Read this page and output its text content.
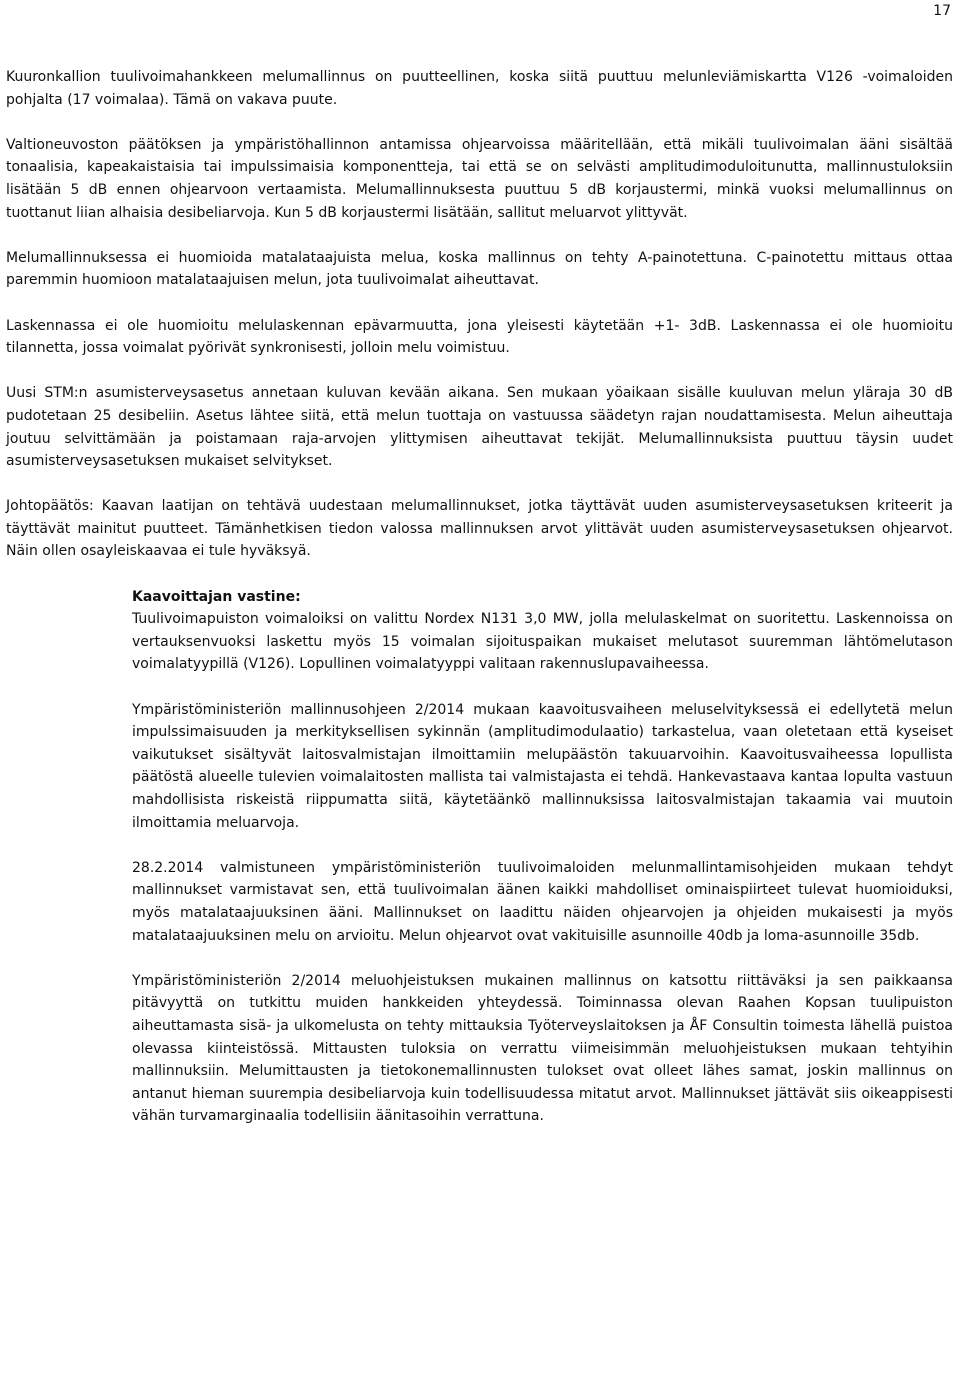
17

Kuuronkallion tuulivoimahankkeen melumallinnus on puutteellinen, koska siitä puuttuu melunleviämiskartta V126 -voimaloiden pohjalta (17 voimalaa). Tämä on vakava puute.

Valtioneuvoston päätöksen ja ympäristöhallinnon antamissa ohjearvoissa määritellään, että mikäli tuulivoimalan ääni sisältää tonaalisia, kapeakaistaisia tai impulssimaisia komponentteja, tai että se on selvästi amplitudimoduloitunutta, mallinnustuloksiin lisätään 5 dB ennen ohjearvoon vertaamista. Melumallinnuksesta puuttuu 5 dB korjaustermi, minkä vuoksi melumallinnus on tuottanut liian alhaisia desibeliarvoja. Kun 5 dB korjaustermi lisätään, sallitut meluarvot ylittyvät.

Melumallinnuksessa ei huomioida matalataajuista melua, koska mallinnus on tehty A-painotettuna. C-painotettu mittaus ottaa paremmin huomioon matalataajuisen melun, jota tuulivoimalat aiheuttavat.

Laskennassa ei ole huomioitu melulaskennan epävarmuutta, jona yleisesti käytetään +1- 3dB. Laskennassa ei ole huomioitu tilannetta, jossa voimalat pyörivät synkronisesti, jolloin melu voimistuu.

Uusi STM:n asumisterveysasetus annetaan kuluvan kevään aikana. Sen mukaan yöaikaan sisälle kuuluvan melun yläraja 30 dB pudotetaan 25 desibeliin. Asetus lähtee siitä, että melun tuottaja on vastuussa säädetyn rajan noudattamisesta. Melun aiheuttaja joutuu selvittämään ja poistamaan raja-arvojen ylittymisen aiheuttavat tekijät. Melumallinnuksista puuttuu täysin uudet asumisterveysasetuksen mukaiset selvitykset.

Johtopäätös: Kaavan laatijan on tehtävä uudestaan melumallinnukset, jotka täyttävät uuden asumisterveysasetuksen kriteerit ja täyttävät mainitut puutteet. Tämänhetkisen tiedon valossa mallinnuksen arvot ylittävät uuden asumisterveysasetuksen ohjearvot. Näin ollen osayleiskaavaa ei tule hyväksyä.

Kaavoittajan vastine:

Tuulivoimapuiston voimaloiksi on valittu Nordex N131 3,0 MW, jolla melulaskelmat on suoritettu. Laskennoissa on vertauksenvuoksi laskettu myös 15 voimalan sijoituspaikan mukaiset melutasot suuremman lähtömelutason voimalatyypillä (V126). Lopullinen voimalatyyppi valitaan rakennuslupavaiheessa.

Ympäristöministeriön mallinnusohjeen 2/2014 mukaan kaavoitusvaiheen meluselvityksessä ei edellytetä melun impulssimaisuuden ja merkityksellisen sykinnän (amplitudimodulaatio) tarkastelua, vaan oletetaan että kyseiset vaikutukset sisältyvät laitosvalmistajan ilmoittamiin melupäästön takuuarvoihin. Kaavoitusvaiheessa lopullista päätöstä alueelle tulevien voimalaitosten mallista tai valmistajasta ei tehdä. Hankevastaava kantaa lopulta vastuun mahdollisista riskeistä riippumatta siitä, käytetäänkö mallinnuksissa laitosvalmistajan takaamia vai muutoin ilmoittamia meluarvoja.

28.2.2014 valmistuneen ympäristöministeriön tuulivoimaloiden melunmallintamisohjeiden mukaan tehdyt mallinnukset varmistavat sen, että tuulivoimalan äänen kaikki mahdolliset ominaispiirteet tulevat huomioiduksi, myös matalataajuuksinen ääni. Mallinnukset on laadittu näiden ohjearvojen ja ohjeiden mukaisesti ja myös matalataajuuksinen melu on arvioitu. Melun ohjearvot ovat vakituisille asunnoille 40db ja loma-asunnoille 35db.

Ympäristöministeriön 2/2014 meluohjeistuksen mukainen mallinnus on katsottu riittäväksi ja sen paikkaansa pitävyyttä on tutkittu muiden hankkeiden yhteydessä. Toiminnassa olevan Raahen Kopsan tuulipuiston aiheuttamasta sisä- ja ulkomelusta on tehty mittauksia Työterveyslaitoksen ja ÅF Consultin toimesta lähellä puistoa olevassa kiinteistössä. Mittausten tuloksia on verrattu viimeisimmän meluohjeistuksen mukaan tehtyihin mallinnuksiin. Melumittausten ja tietokonemallinnusten tulokset ovat olleet lähes samat, joskin mallinnus on antanut hieman suurempia desibeliarvoja kuin todellisuudessa mitatut arvot. Mallinnukset jättävät siis oikeappisesti vähän turvamarginaalia todellisiin äänitasoihin verrattuna.
